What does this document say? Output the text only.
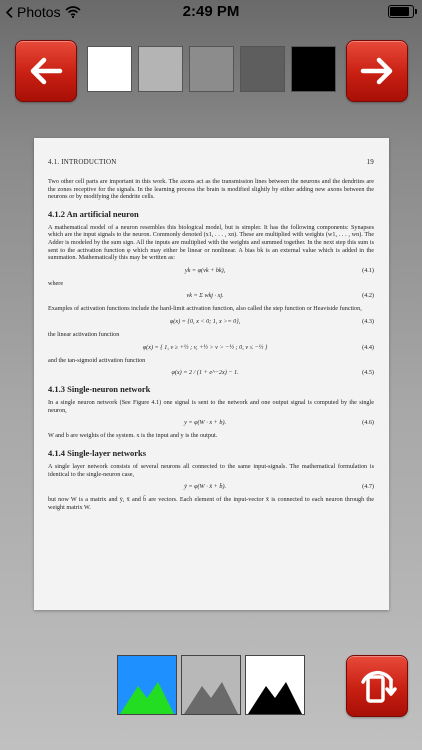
Photos	2:49 PM
4.1. INTRODUCTION	19

Two other cell parts are important in this work. The axons act as the transmission lines between the neurons and the dendrites are the zones receptive for the signals. In the learning process the brain is modified slightly by either adding new axons between the neurons or by modifying the dendrite cells.

4.1.2 An artificial neuron

A mathematical model of a neuron resembles this biological model, but is simpler. It has the following components: Synapses which are the input signals to the neuron. Commonly denoted (x1, . . . , xn). These are multiplied with weights (w1, . . . , wn). The Adder is modeled by the sum sign. All the inputs are multiplied with the weights and summed together. In the next step this sum is sent to the activation function φ which may either be linear or nonlinear. A bias bk is an external value which is added in the summation. Mathematically this may be written as:

yk = φ(vk + bk),	(4.1)

where

vk = Σ wkj · xj.	(4.2)

Examples of activation functions include the hard-limit activation function, also called the step function or Heaviside function,

φ(x) = {0, x < 0; 1, x >= 0},	(4.3)

the linear activation function

φ(x) = { 1, v ≥ +½ ; v, +½ > v > −½ ; 0, v ≤ −½ }	(4.4)

and the tan-sigmoid activation function

φ(x) = 2 / (1 + e^−2x) − 1.	(4.5)
4.1.3 Single-neuron network

In a single neuron network (See Figure 4.1) one signal is sent to the network and one output signal is computed by the single neuron,

y = φ(W · x + b).	(4.6)

W and b are weights of the system. x is the input and y is the output.

4.1.4 Single-layer networks

A single layer network consists of several neurons all connected to the same input-signals. The mathematical formulation is identical to the single-neuron case,

ȳ = φ(W · x̄ + b̄).	(4.7)

but now W is a matrix and ȳ, x̄ and b̄ are vectors. Each element of the input-vector x̄ is connected to each neuron through the weight matrix W.
